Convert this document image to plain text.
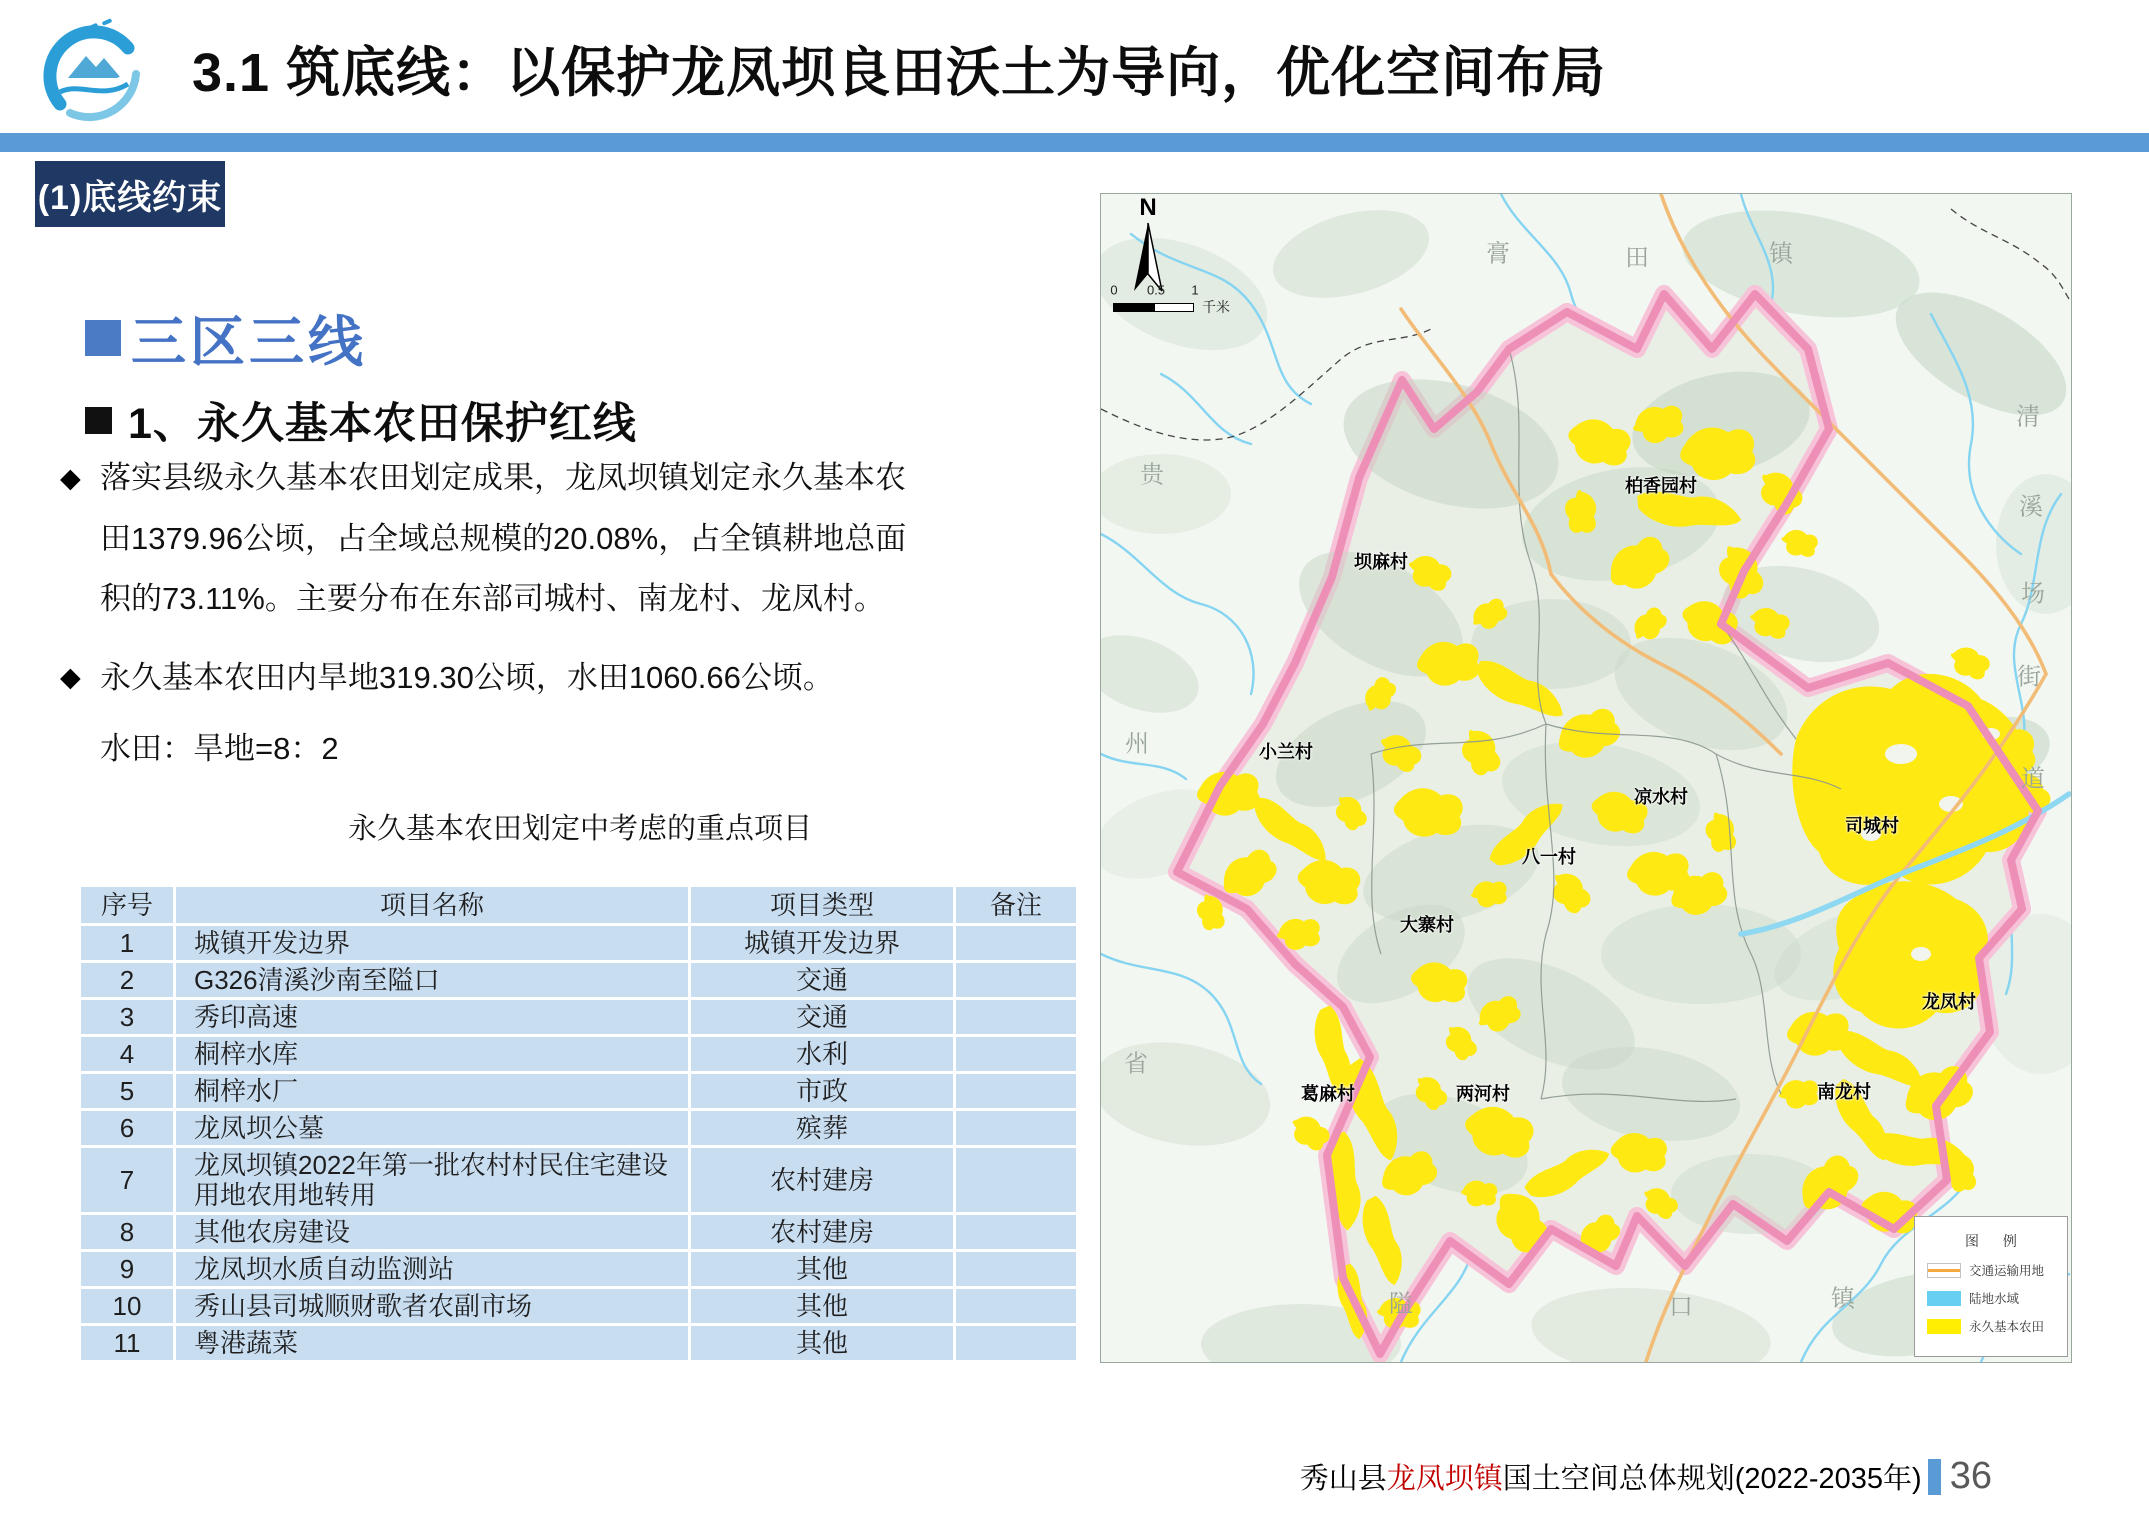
3.1 筑底线：以保护龙凤坝良田沃土为导向，优化空间布局
(1)底线约束
三区三线
1、永久基本农田保护红线
◆ 落实县级永久基本农田划定成果，龙凤坝镇划定永久基本农
田1379.96公顷，占全域总规模的20.08%，占全镇耕地总面
积的73.11%。主要分布在东部司城村、南龙村、龙凤村。
◆ 永久基本农田内旱地319.30公顷，水田1060.66公顷。
水田：旱地=8：2
永久基本农田划定中考虑的重点项目
序号	项目名称	项目类型	备注
1	城镇开发边界	城镇开发边界	
2	G326清溪沙南至隘口	交通	
3	秀印高速	交通	
4	桐梓水库	水利	
5	桐梓水厂	市政	
6	龙凤坝公墓	殡葬	
7	龙凤坝镇2022年第一批农村村民住宅建设用地农用地转用	农村建房	
8	其他农房建设	农村建房	
9	龙凤坝水质自动监测站	其他	
10	秀山县司城顺财歌者农副市场	其他	
11	粤港蔬菜	其他	
N
0 0.5 1
千米
柏香园村
坝麻村
小兰村
凉水村
八一村
司城村
大寨村
龙凤村
南龙村
葛麻村	两河村
膏	田	镇
贵
州
省
清
溪
场
街
道
隘	口	镇
图 例
交通运输用地
陆地水域
永久基本农田
秀山县 龙凤坝镇 国土空间总体规划(2022-2035年) 36
